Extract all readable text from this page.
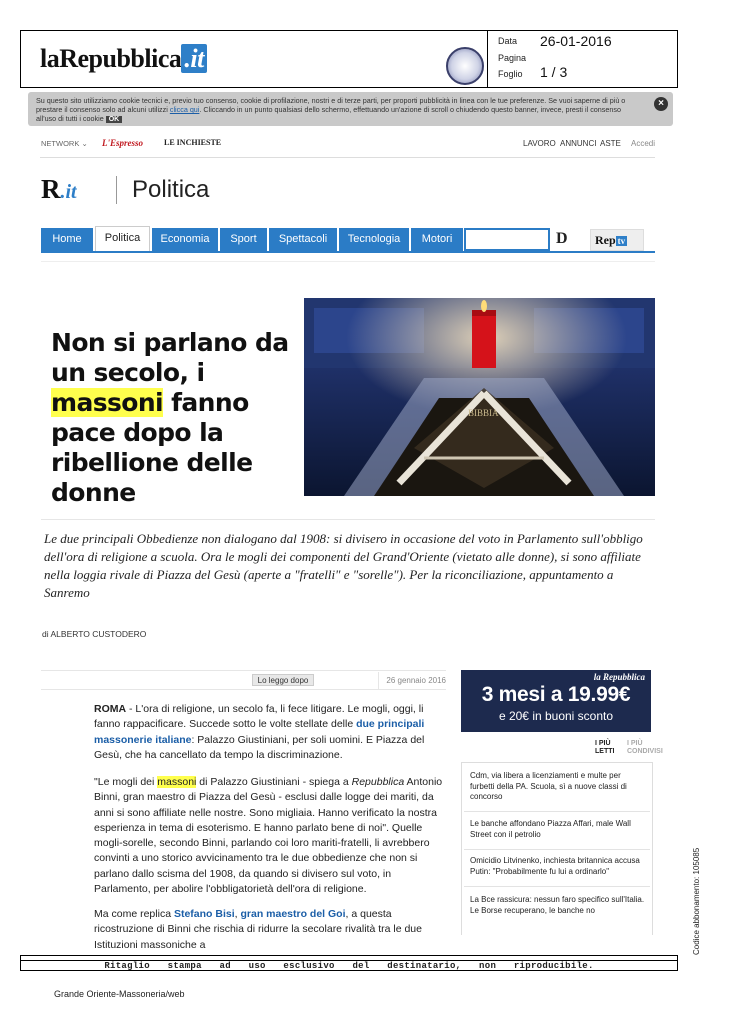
laRepubblica .it
Data 26-01-2016
Pagina
Foglio 1 / 3
Su questo sito utilizziamo cookie tecnici e, previo tuo consenso, cookie di profilazione, nostri e di terze parti, per proporti pubblicità in linea con le tue preferenze. Se vuoi saperne di più o prestare il consenso solo ad alcuni utilizzi clicca qui. Cliccando in un punto qualsiasi dello schermo, effettuando un'azione di scroll o chiudendo questo banner, invece, presti il consenso all'uso di tutti i cookie OK
×
NETWORK ⌄ L'Espresso	LE INCHIESTE	LAVORO ANNUNCI ASTE Accedi
R.it	Politica
Home	Politica	Economia	Sport	Spettacoli	Tecnologia	Motori	D	Rep tv
Non si parlano da un secolo, i massoni fanno pace dopo la ribellione delle donne
BIBBIA
Le due principali Obbedienze non dialogano dal 1908: si divisero in occasione del voto in Parlamento sull'obbligo dell'ora di religione a scuola. Ora le mogli dei componenti del Grand'Oriente (vietato alle donne), si sono affiliate nella loggia rivale di Piazza del Gesù (aperte a "fratelli" e "sorelle"). Per la riconciliazione, appuntamento a Sanremo
di ALBERTO CUSTODERO
Lo leggo dopo	26 gennaio 2016
ROMA - L'ora di religione, un secolo fa, li fece litigare. Le mogli, oggi, li fanno rappacificare. Succede sotto le volte stellate delle due principali massonerie italiane: Palazzo Giustiniani, per soli uomini. E Piazza del Gesù, che ha cancellato da tempo la discriminazione.
"Le mogli dei massoni di Palazzo Giustiniani - spiega a Repubblica Antonio Binni, gran maestro di Piazza del Gesù - esclusi dalle logge dei mariti, da anni si sono affiliate nelle nostre. Sono migliaia. Hanno verificato la nostra esperienza in tema di esoterismo. E hanno parlato bene di noi". Quelle mogli-sorelle, secondo Binni, parlando coi loro mariti-fratelli, li avrebbero convinti a uno storico avvicinamento tra le due obbedienze che non si parlano dallo scisma del 1908, da quando si divisero sul voto, in Parlamento, per abolire l'obbligatorietà dell'ora di religione.
Ma come replica Stefano Bisi, gran maestro del Goi, a questa ricostruzione di Binni che rischia di ridurre la secolare rivalità tra le due Istituzioni massoniche a
la Repubblica
3 mesi a 19.99€
e 20€ in buoni sconto
I PIÙ LETTI
I PIÙ CONDIVISI
Cdm, via libera a licenziamenti e multe per furbetti della PA. Scuola, sì a nuove classi di concorso
Le banche affondano Piazza Affari, male Wall Street con il petrolio
Omicidio Litvinenko, inchiesta britannica accusa Putin: "Probabilmente fu lui a ordinarlo"
La Bce rassicura: nessun faro specifico sull'Italia. Le Borse recuperano, le banche no
Ritaglio stampa ad uso esclusivo del destinatario, non riproducibile.
Codice abbonamento: 105085
Grande Oriente-Massoneria/web
